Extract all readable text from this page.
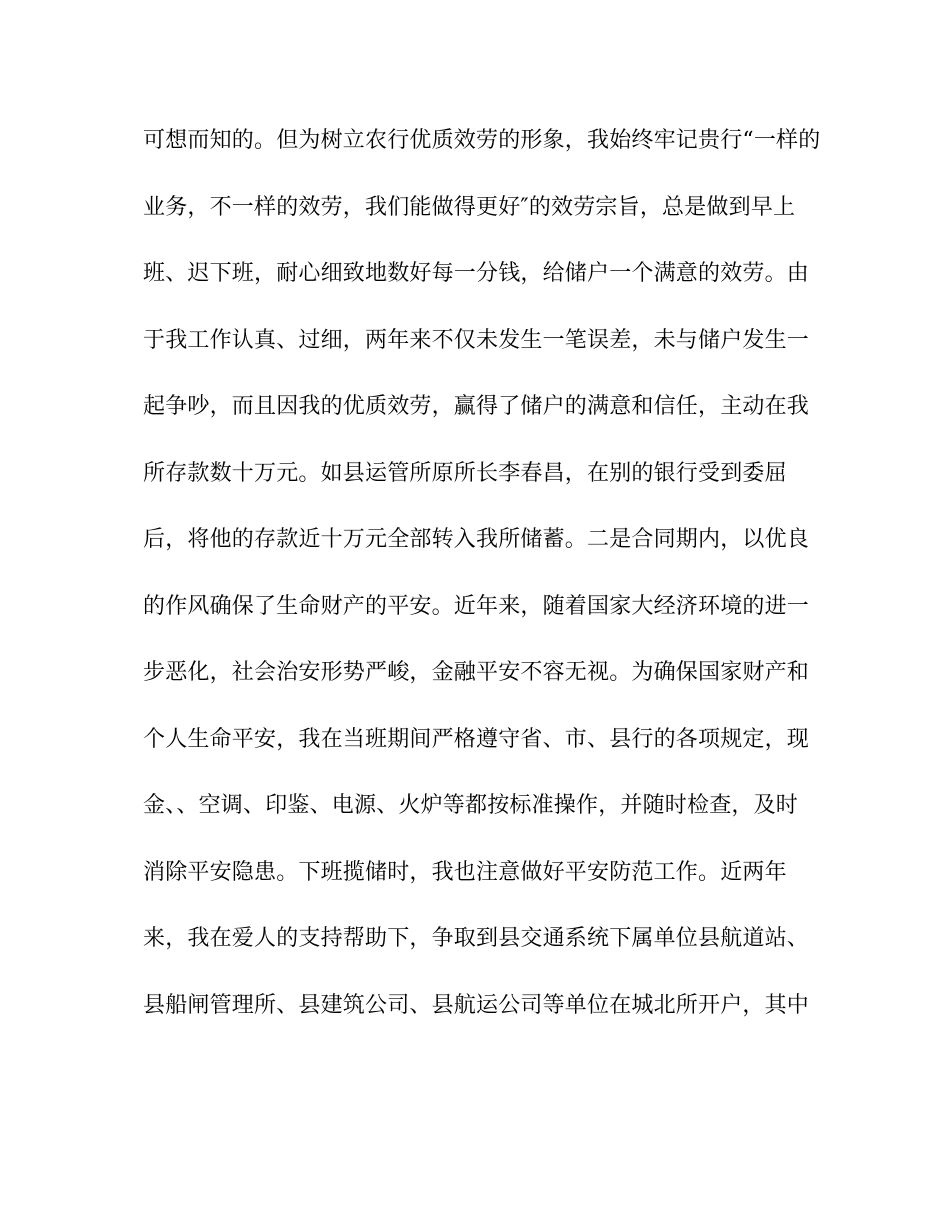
可想而知的。但为树立农行优质效劳的形象，我始终牢记贵行“一样的
业务，不一样的效劳，我们能做得更好″的效劳宗旨，总是做到早上
班、迟下班，耐心细致地数好每一分钱，给储户一个满意的效劳。由
于我工作认真、过细，两年来不仅未发生一笔误差，未与储户发生一
起争吵，而且因我的优质效劳，赢得了储户的满意和信任，主动在我
所存款数十万元。如县运管所原所长李春昌，在别的银行受到委屈
后，将他的存款近十万元全部转入我所储蓄。二是合同期内，以优良
的作风确保了生命财产的平安。近年来，随着国家大经济环境的进一
步恶化，社会治安形势严峻，金融平安不容无视。为确保国家财产和
个人生命平安，我在当班期间严格遵守省、市、县行的各项规定，现
金、、空调、印鉴、电源、火炉等都按标准操作，并随时检查，及时
消除平安隐患。下班揽储时，我也注意做好平安防范工作。近两年
来，我在爱人的支持帮助下，争取到县交通系统下属单位县航道站、
县船闸管理所、县建筑公司、县航运公司等单位在城北所开户，其中
